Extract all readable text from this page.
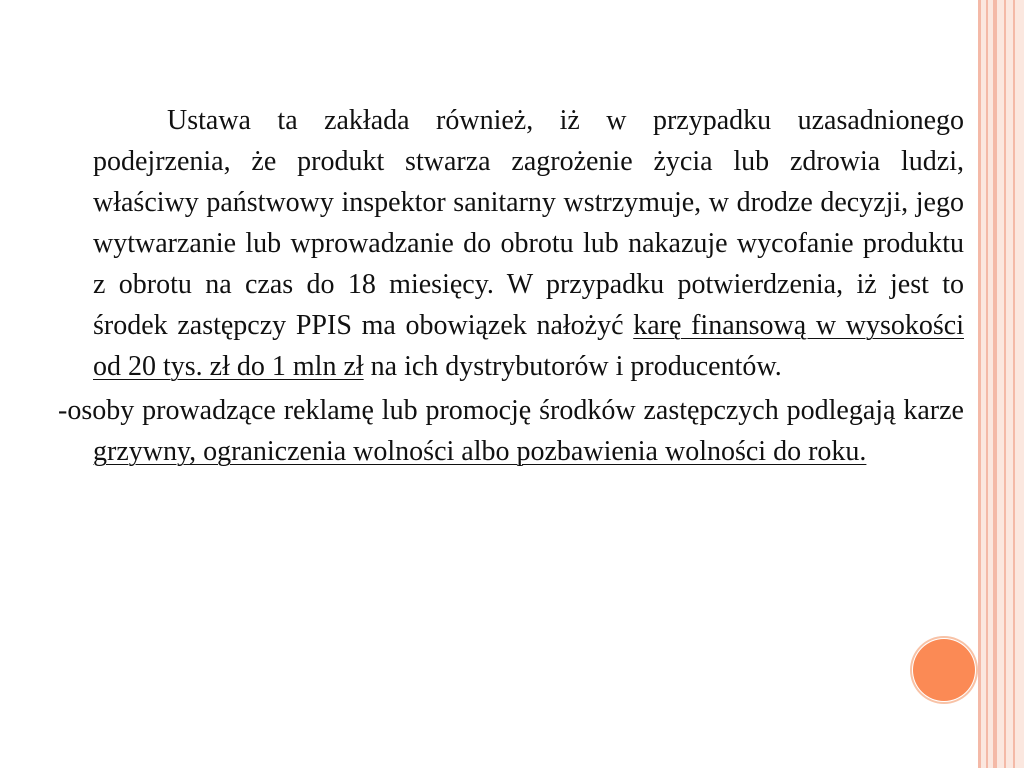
Ustawa ta zakłada również, iż w przypadku uzasadnionego podejrzenia, że produkt stwarza zagrożenie życia lub zdrowia ludzi, właściwy państwowy inspektor sanitarny wstrzymuje, w drodze decyzji, jego wytwarzanie lub wprowadzanie do obrotu lub nakazuje wycofanie produktu z obrotu na czas do 18 miesięcy. W przypadku potwierdzenia, iż jest to środek zastępczy PPIS ma obowiązek nałożyć karę finansową w wysokości od 20 tys. zł do 1 mln zł na ich dystrybutorów i producentów.

-osoby prowadzące reklamę lub promocję środków zastępczych podlegają karze grzywny, ograniczenia wolności albo pozbawienia wolności do roku.
